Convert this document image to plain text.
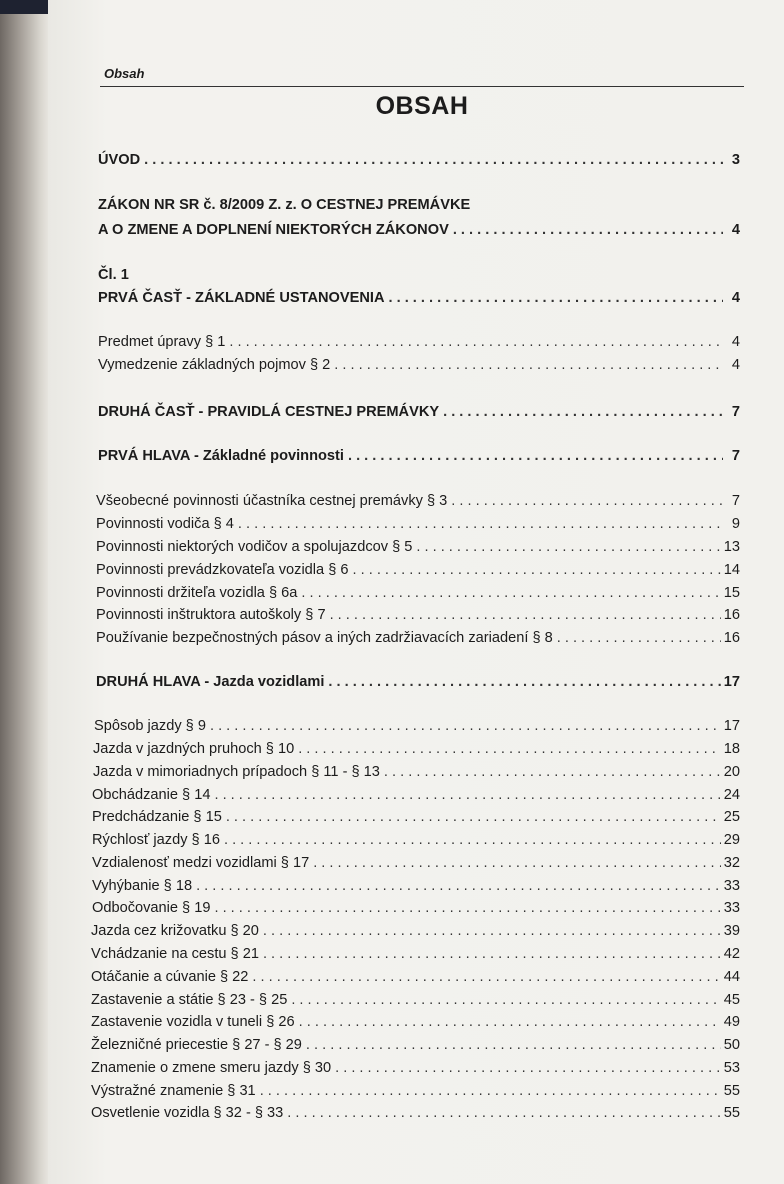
Obsah
OBSAH
ÚVOD . . .	3
ZÁKON NR SR č. 8/2009 Z. z. O CESTNEJ PREMÁVKE
A O ZMENE A DOPLNENÍ NIEKTORÝCH ZÁKONOV . . .	4
Čl. 1
PRVÁ ČASŤ - ZÁKLADNÉ USTANOVENIA . . .	4
Predmet úpravy § 1 . . .	4
Vymedzenie základných pojmov § 2 . . .	4
DRUHÁ ČASŤ - PRAVIDLÁ CESTNEJ PREMÁVKY . . .	7
PRVÁ HLAVA - Základné povinnosti . . .	7
Všeobecné povinnosti účastníka cestnej premávky § 3 . . .	7
Povinnosti vodiča § 4 . . .	9
Povinnosti niektorých vodičov a spolujazdcov § 5 . . .	13
Povinnosti prevádzkovateľa vozidla § 6 . . .	14
Povinnosti držiteľa vozidla § 6a . . .	15
Povinnosti inštruktora autoškoly § 7 . . .	16
Používanie bezpečnostných pásov a iných zadržiavacích zariadení § 8 . . .	16
DRUHÁ HLAVA - Jazda vozidlami . . .	17
Spôsob jazdy § 9 . . .	17
Jazda v jazdných pruhoch § 10 . . .	18
Jazda v mimoriadnych prípadoch § 11 - § 13 . . .	20
Obchádzanie § 14 . . .	24
Predchádzanie § 15 . . .	25
Rýchlosť jazdy § 16 . . .	29
Vzdialenosť medzi vozidlami § 17 . . .	32
Vyhýbanie § 18 . . .	33
Odbočovanie § 19 . . .	33
Jazda cez križovatku § 20 . . .	39
Vchádzanie na cestu § 21 . . .	42
Otáčanie a cúvanie § 22 . . .	44
Zastavenie a státie § 23 - § 25 . . .	45
Zastavenie vozidla v tuneli § 26 . . .	49
Železničné priecestie § 27 - § 29 . . .	50
Znamenie o zmene smeru jazdy § 30 . . .	53
Výstražné znamenie § 31 . . .	55
Osvetlenie vozidla § 32 - § 33 . . .	55
